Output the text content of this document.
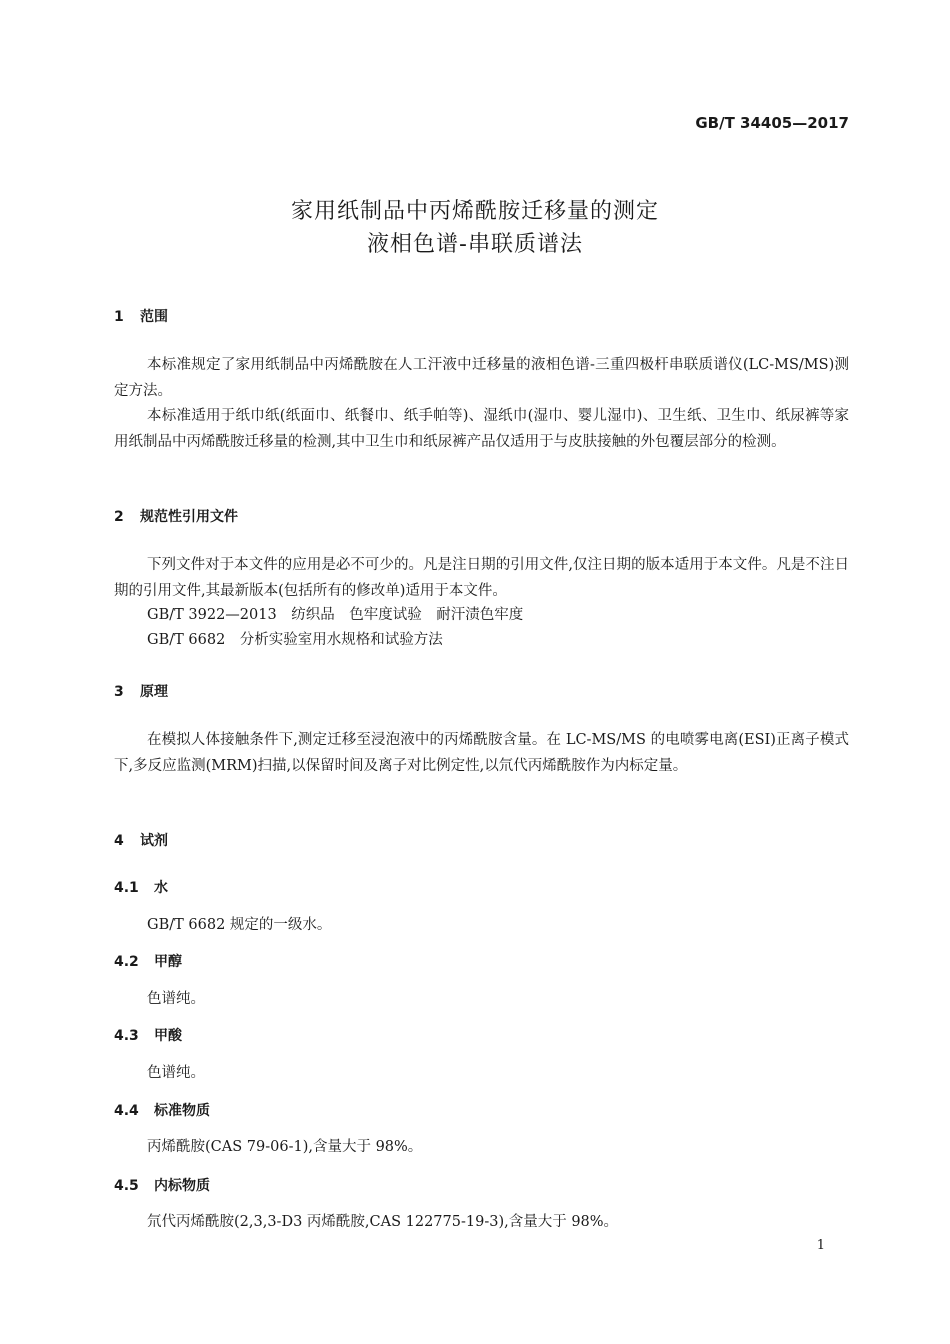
GB/T 34405—2017
家用纸制品中丙烯酰胺迁移量的测定
液相色谱-串联质谱法
1 范围
本标准规定了家用纸制品中丙烯酰胺在人工汗液中迁移量的液相色谱-三重四极杆串联质谱仪(LC-MS/MS)测定方法。
本标准适用于纸巾纸(纸面巾、纸餐巾、纸手帕等)、湿纸巾(湿巾、婴儿湿巾)、卫生纸、卫生巾、纸尿裤等家用纸制品中丙烯酰胺迁移量的检测,其中卫生巾和纸尿裤产品仅适用于与皮肤接触的外包覆层部分的检测。
2 规范性引用文件
下列文件对于本文件的应用是必不可少的。凡是注日期的引用文件,仅注日期的版本适用于本文件。凡是不注日期的引用文件,其最新版本(包括所有的修改单)适用于本文件。
GB/T 3922—2013　纺织品　色牢度试验　耐汗渍色牢度
GB/T 6682　分析实验室用水规格和试验方法
3 原理
在模拟人体接触条件下,测定迁移至浸泡液中的丙烯酰胺含量。在 LC-MS/MS 的电喷雾电离(ESI)正离子模式下,多反应监测(MRM)扫描,以保留时间及离子对比例定性,以氘代丙烯酰胺作为内标定量。
4 试剂
4.1 水
GB/T 6682 规定的一级水。
4.2 甲醇
色谱纯。
4.3 甲酸
色谱纯。
4.4 标准物质
丙烯酰胺(CAS 79-06-1),含量大于 98%。
4.5 内标物质
氘代丙烯酰胺(2,3,3-D3 丙烯酰胺,CAS 122775-19-3),含量大于 98%。
1
